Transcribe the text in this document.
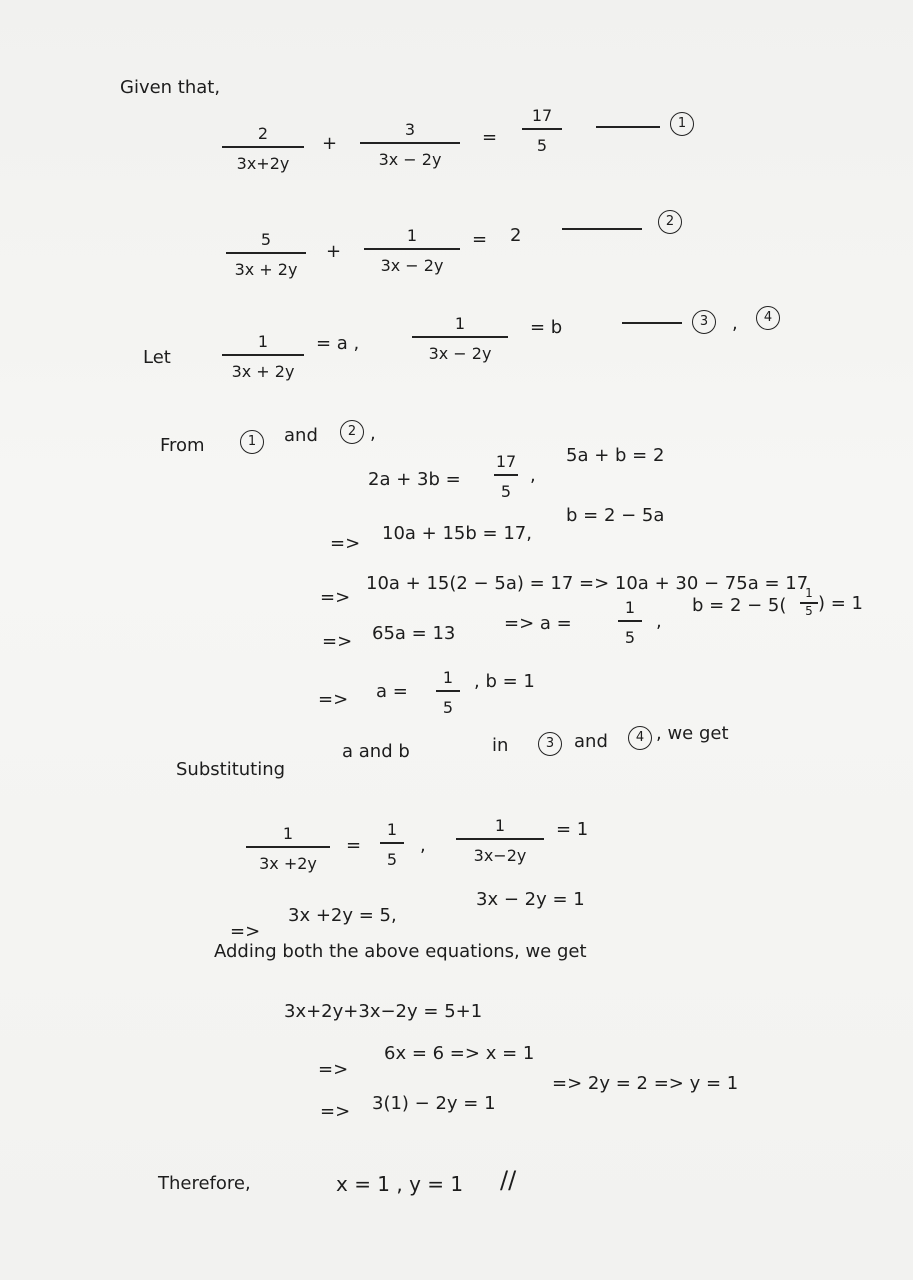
Given that,
2
3x+2y
+
3
3x − 2y
=
17
5
1
5
3x + 2y
+
1
3x − 2y
= 2
2
Let
1
3x + 2y
= a ,
1
3x − 2y
= b	3	,	4
From	1	and	2 ,
2a + 3b =
17
5
,
5a + b = 2
=> 10a + 15b = 17,
b = 2 − 5a
=>
10a + 15(2 − 5a) = 17 => 10a + 30 − 75a = 17
=> 65a = 13	=> a =
1
5
,
b = 2 − 5(
1
5 ) = 1
=> a =
1
5
, b = 1
Substituting
a and b	in	3	and	4 , we get
1
3x +2y
=
1
5
,
1
3x−2y
= 1
=>
3x +2y = 5,
3x − 2y = 1
Adding both the above equations, we get
3x+2y+3x−2y = 5+1
=>
6x = 6 => x = 1
=> 3(1) − 2y = 1
=> 2y = 2 => y = 1
Therefore,	x = 1 , y = 1 //
